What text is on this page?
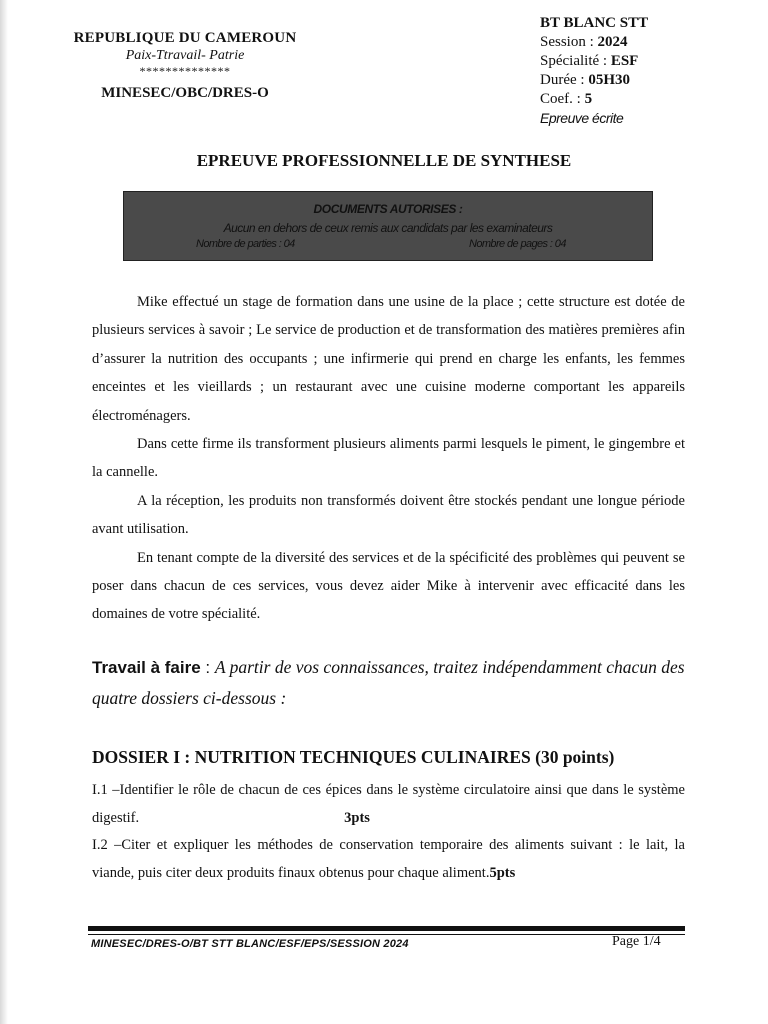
REPUBLIQUE DU CAMEROUN
Paix-Ttravail- Patrie
**************
MINESEC/OBC/DRES-O
BT BLANC STT
Session : 2024
Spécialité : ESF
Durée : 05H30
Coef. : 5
Epreuve écrite
EPREUVE PROFESSIONNELLE DE SYNTHESE
DOCUMENTS AUTORISES :
Aucun en dehors de ceux remis aux candidats par les examinateurs
Nombre de parties : 04	Nombre de pages : 04

Mike effectué un stage de formation dans une usine de la place ; cette structure est dotée de plusieurs services à savoir ; Le service de production et de transformation des matières premières afin d’assurer la nutrition des occupants ; une infirmerie qui prend en charge les enfants, les femmes enceintes et les vieillards ; un restaurant avec une cuisine moderne comportant les appareils électroménagers.

Dans cette firme ils transforment plusieurs aliments parmi lesquels le piment, le gingembre et la cannelle.

A la réception, les produits non transformés doivent être stockés pendant une longue période avant utilisation.

En tenant compte de la diversité des services et de la spécificité des problèmes qui peuvent se poser dans chacun de ces services, vous devez aider Mike à intervenir avec efficacité dans les domaines de votre spécialité.

Travail à faire : A partir de vos connaissances, traitez indépendamment chacun des quatre dossiers ci-dessous :
DOSSIER I : NUTRITION TECHNIQUES CULINAIRES (30 points)

I.1 –Identifier le rôle de chacun de ces épices dans le système circulatoire ainsi que dans le système digestif.	3pts

I.2 –Citer et expliquer les méthodes de conservation temporaire des aliments suivant : le lait, la viande, puis citer deux produits finaux obtenus pour chaque aliment.5pts

MINESEC/DRES-O/BT STT BLANC/ESF/EPS/SESSION 2024	Page 1/4
